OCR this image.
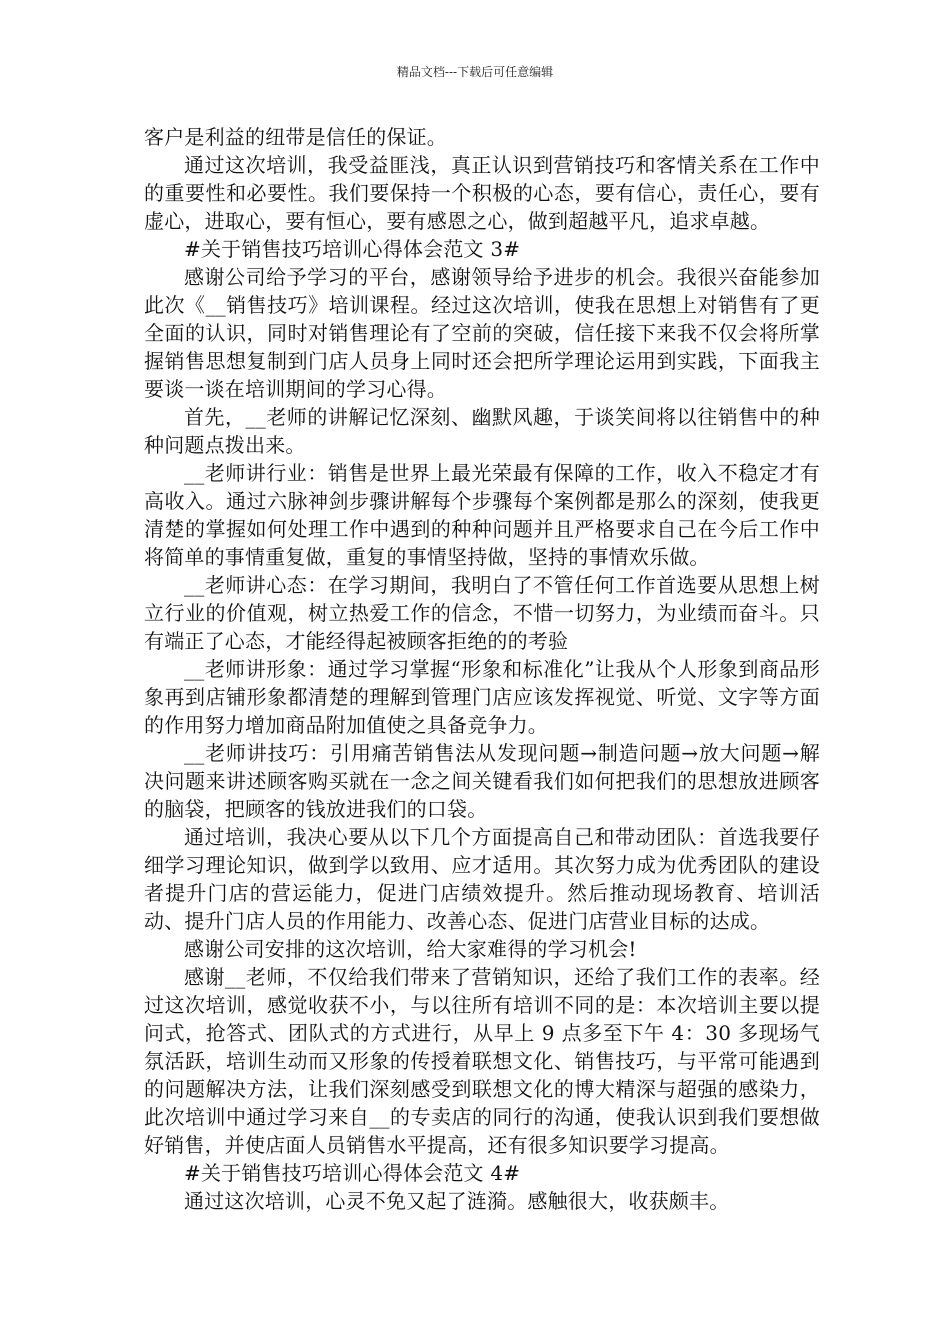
精品文档---下载后可任意编辑

客户是利益的纽带是信任的保证。

通过这次培训，我受益匪浅，真正认识到营销技巧和客情关系在工作中的重要性和必要性。我们要保持一个积极的心态，要有信心，责任心，要有虚心，进取心，要有恒心，要有感恩之心，做到超越平凡，追求卓越。

#关于销售技巧培训心得体会范文 3#

感谢公司给予学习的平台，感谢领导给予进步的机会。我很兴奋能参加此次《__销售技巧》培训课程。经过这次培训，使我在思想上对销售有了更全面的认识，同时对销售理论有了空前的突破，信任接下来我不仅会将所掌握销售思想复制到门店人员身上同时还会把所学理论运用到实践，下面我主要谈一谈在培训期间的学习心得。

首先，__老师的讲解记忆深刻、幽默风趣，于谈笑间将以往销售中的种种问题点拨出来。

__老师讲行业：销售是世界上最光荣最有保障的工作，收入不稳定才有高收入。通过六脉神剑步骤讲解每个步骤每个案例都是那么的深刻，使我更清楚的掌握如何处理工作中遇到的种种问题并且严格要求自己在今后工作中将简单的事情重复做，重复的事情坚持做，坚持的事情欢乐做。

__老师讲心态：在学习期间，我明白了不管任何工作首选要从思想上树立行业的价值观，树立热爱工作的信念，不惜一切努力，为业绩而奋斗。只有端正了心态，才能经得起被顾客拒绝的的考验

__老师讲形象：通过学习掌握“形象和标准化”让我从个人形象到商品形象再到店铺形象都清楚的理解到管理门店应该发挥视觉、听觉、文字等方面的作用努力增加商品附加值使之具备竞争力。

__老师讲技巧：引用痛苦销售法从发现问题→制造问题→放大问题→解决问题来讲述顾客购买就在一念之间关键看我们如何把我们的思想放进顾客的脑袋，把顾客的钱放进我们的口袋。

通过培训，我决心要从以下几个方面提高自己和带动团队：首选我要仔细学习理论知识，做到学以致用、应才适用。其次努力成为优秀团队的建设者提升门店的营运能力，促进门店绩效提升。然后推动现场教育、培训活动、提升门店人员的作用能力、改善心态、促进门店营业目标的达成。

感谢公司安排的这次培训，给大家难得的学习机会!

感谢__老师，不仅给我们带来了营销知识，还给了我们工作的表率。经过这次培训，感觉收获不小，与以往所有培训不同的是：本次培训主要以提问式，抢答式、团队式的方式进行，从早上 9 点多至下午 4：30 多现场气氛活跃，培训生动而又形象的传授着联想文化、销售技巧，与平常可能遇到的问题解决方法，让我们深刻感受到联想文化的博大精深与超强的感染力，此次培训中通过学习来自__的专卖店的同行的沟通，使我认识到我们要想做好销售，并使店面人员销售水平提高，还有很多知识要学习提高。

#关于销售技巧培训心得体会范文 4#

通过这次培训，心灵不免又起了涟漪。感触很大，收获颇丰。
